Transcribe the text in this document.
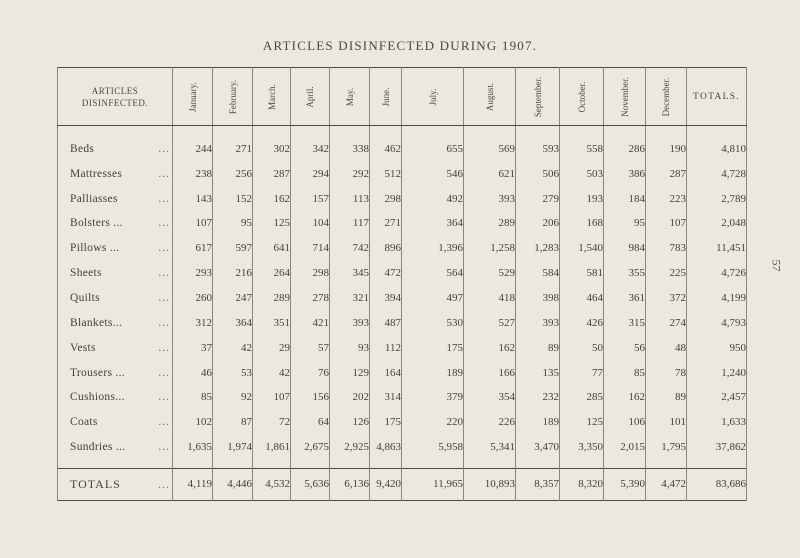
ARTICLES DISINFECTED DURING 1907.
57
ARTICLES DISINFECTED.	January.	February.	March.	April.	May.	June.	July.	August.	September.	October.	November.	December.	TOTALS.

...
Beds	244	271	302	342	338	462	655	569	593	558	286	190	4,810

...
Mattresses	238	256	287	294	292	512	546	621	506	503	386	287	4,728

...
Palliasses	143	152	162	157	113	298	492	393	279	193	184	223	2,789

...
Bolsters ...	107	95	125	104	117	271	364	289	206	168	95	107	2,048

...
Pillows ...	617	597	641	714	742	896	1,396	1,258	1,283	1,540	984	783	11,451

...
Sheets	293	216	264	298	345	472	564	529	584	581	355	225	4,726

...
Quilts	260	247	289	278	321	394	497	418	398	464	361	372	4,199

...
Blankets...	312	364	351	421	393	487	530	527	393	426	315	274	4,793

...
Vests	37	42	29	57	93	112	175	162	89	50	56	48	950

...
Trousers ...	46	53	42	76	129	164	189	166	135	77	85	78	1,240

...
Cushions...	85	92	107	156	202	314	379	354	232	285	162	89	2,457

...
Coats	102	87	72	64	126	175	220	226	189	125	106	101	1,633

...
Sundries ...	1,635	1,974	1,861	2,675	2,925	4,863	5,958	5,341	3,470	3,350	2,015	1,795	37,862

...
TOTALS	4,119	4,446	4,532	5,636	6,136	9,420	11,965	10,893	8,357	8,320	5,390	4,472	83,686
